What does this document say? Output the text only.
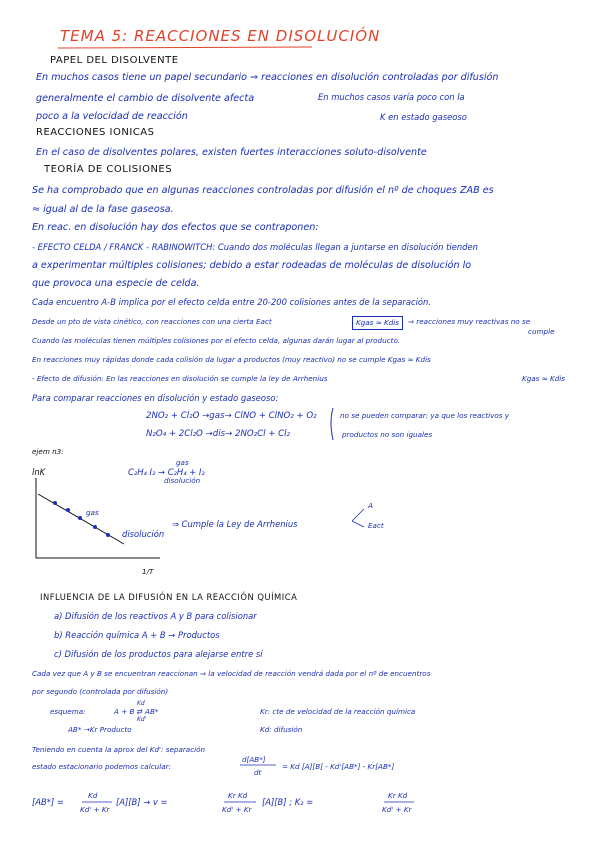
TEMA 5: REACCIONES EN DISOLUCIÓN
PAPEL DEL DISOLVENTE
En muchos casos tiene un papel secundario ⇒ reacciones en disolución controladas por difusión
generalmente el cambio de disolvente afecta	En muchos casos varía poco con la
poco a la velocidad de reacción	K en estado gaseoso
REACCIONES IONICAS
En el caso de disolventes polares, existen fuertes interacciones soluto-disolvente
TEORÍA DE COLISIONES
Se ha comprobado que en algunas reacciones controladas por difusión el nº de choques ZAB es
≈ igual al de la fase gaseosa.
En reac. en disolución hay dos efectos que se contraponen:
- EFECTO CELDA / FRANCK - RABINOWITCH: Cuando dos moléculas llegan a juntarse en disolución tienden
a experimentar múltiples colisiones; debido a estar rodeadas de moléculas de disolución lo
que provoca una especie de celda.
Cada encuentro A-B implica por el efecto celda entre 20-200 colisiones antes de la separación.
Desde un pto de vista cinético, con reacciones con una cierta Eact	Kgas ≈ Kdis	⇒ reacciones muy reactivas no se
cumple
Cuando las moléculas tienen múltiples colisiones por el efecto celda, algunas darán lugar al producto.
En reacciones muy rápidas donde cada colisión da lugar a productos (muy reactivo) no se cumple Kgas ≈ Kdis
- Efecto de difusión: En las reacciones en disolución se cumple la ley de Arrhenius	Kgas ≈ Kdis
Para comparar reacciones en disolución y estado gaseoso:
2NO₂ + Cl₂O →gas→ ClNO + ClNO₂ + O₂
N₂O₄ + 2Cl₂O →dis→ 2NO₂Cl + Cl₂
no se pueden comparar: ya que los reactivos y
productos no son iguales
ejem n3:
C₂H₄ I₂ → C₂H₄ + I₂
gas
disolución
lnK
gas
disolución
1/T
⇒ Cumple la Ley de Arrhenius
A
Eact
INFLUENCIA DE LA DIFUSIÓN EN LA REACCIÓN QUÍMICA
a) Difusión de los reactivos A y B para colisionar
b) Reacción química A + B → Productos
c) Difusión de los productos para alejarse entre sí
Cada vez que A y B se encuentran reaccionan ⇒ la velocidad de reacción vendrá dada por el nº de encuentros
por segundo (controlada por difusión)
esquema:	A + B ⇄ AB*
Kd
Kd'
AB* →Kr Producto
Kr: cte de velocidad de la reacción química
Kd: difusión
Teniendo en cuenta la aprox del Kd': separación
estado estacionario podemos calcular:
d[AB*]
dt
= Kd [A][B] - Kd'[AB*] - Kr[AB*]
[AB*] =
Kd
Kd' + Kr
[A][B] → v =
Kr Kd
Kd' + Kr
[A][B] ; K₂ =
Kr Kd
Kd' + Kr
